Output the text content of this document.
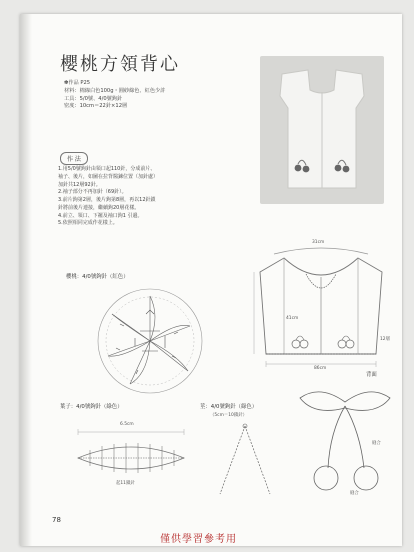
櫻桃方領背心
✽作品 P25
材料：棉線白色100g・圓紗綠色、紅色少許
工具：5/0號、4/0號鉤針
密度：10cm＝22針×12層
作 法
1.用5/0號鉤針由領口起110針，分成前片、
袖子、後片，如圖在拉背醫鍊位置（加針處）
加針共12層92針。
2.袖子部分不再加針（69針）。
3.前片鉤第2層，後片鉤第8層，再以12針鎖
針將前後片連接，繼續鉤20層花樣。
4.前立、領口、下襬及袖口鉤1 引邊。
5.依照相同完成作花樣上。
31cm
41cm
12層
86cm
櫻桃：4/0號鉤針（紅色）
葉子：4/0號鉤針（綠色）
6.5cm
起11鎖針
莖：4/0號鉤針（綠色）
（5cm＝10鎖針）
背面
縫合
縫合
78
僅供學習參考用
